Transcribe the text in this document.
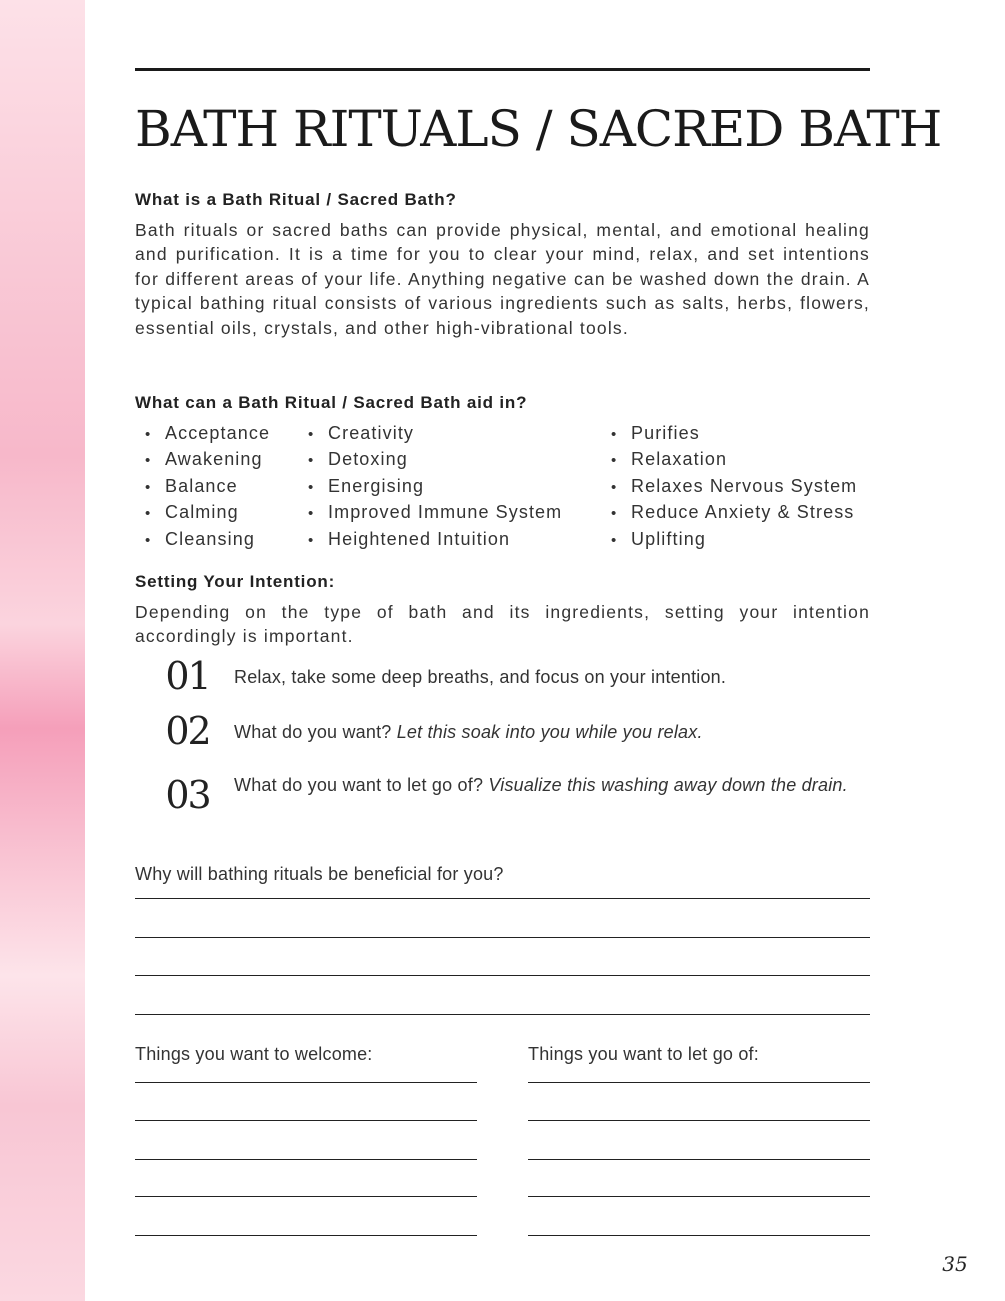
BATH RITUALS / SACRED BATH
What is a Bath Ritual / Sacred Bath?

Bath rituals or sacred baths can provide physical, mental, and emotional healing and purification. It is a time for you to clear your mind, relax, and set intentions for different areas of your life. Anything negative can be washed down the drain. A typical bathing ritual consists of various ingredients such as salts, herbs, flowers, essential oils, crystals, and other high-vibrational tools.

What can a Bath Ritual / Sacred Bath aid in?
• Acceptance
• Awakening
• Balance
• Calming
• Cleansing
• Creativity
• Detoxing
• Energising
• Improved Immune System
• Heightened Intuition
• Purifies
• Relaxation
• Relaxes Nervous System
• Reduce Anxiety & Stress
• Uplifting
Setting Your Intention:

Depending on the type of bath and its ingredients, setting your intention accordingly is important.

01 Relax, take some deep breaths, and focus on your intention.
02 What do you want? Let this soak into you while you relax.
03 What do you want to let go of? Visualize this washing away down the drain.

Why will bathing rituals be beneficial for you?

Things you want to welcome:	Things you want to let go of:

35
